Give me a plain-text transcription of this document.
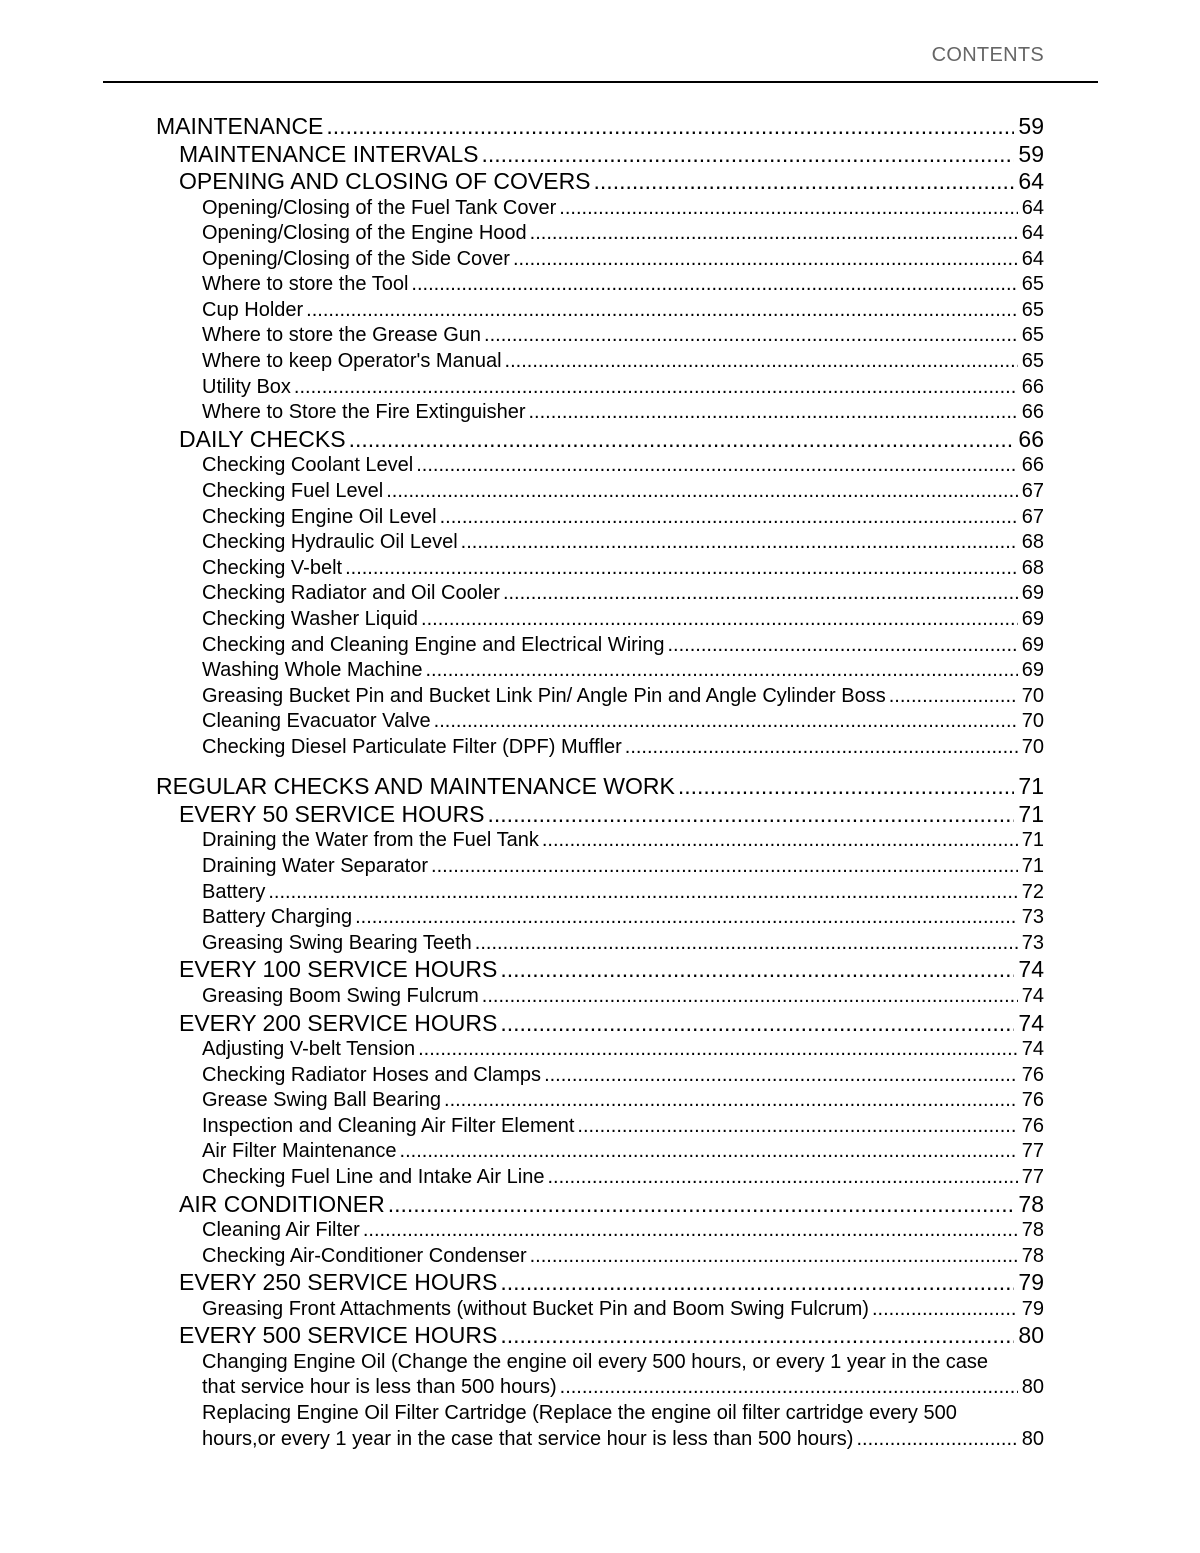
CONTENTS
MAINTENANCE .....	59
MAINTENANCE INTERVALS .....	59
OPENING AND CLOSING OF COVERS .....	64
Opening/Closing of the Fuel Tank Cover .....	64
Opening/Closing of the Engine Hood .....	64
Opening/Closing of the Side Cover .....	64
Where to store the Tool .....	65
Cup Holder .....	65
Where to store the Grease Gun .....	65
Where to keep Operator's Manual .....	65
Utility Box .....	66
Where to Store the Fire Extinguisher .....	66
DAILY CHECKS .....	66
Checking Coolant Level .....	66
Checking Fuel Level .....	67
Checking Engine Oil Level .....	67
Checking Hydraulic Oil Level .....	68
Checking V-belt .....	68
Checking Radiator and Oil Cooler .....	69
Checking Washer Liquid .....	69
Checking and Cleaning Engine and Electrical Wiring .....	69
Washing Whole Machine .....	69
Greasing Bucket Pin and Bucket Link Pin/ Angle Pin and Angle Cylinder Boss .....	70
Cleaning Evacuator Valve .....	70
Checking Diesel Particulate Filter (DPF) Muffler .....	70
REGULAR CHECKS AND MAINTENANCE WORK .....	71
EVERY 50 SERVICE HOURS .....	71
Draining the Water from the Fuel Tank .....	71
Draining Water Separator .....	71
Battery .....	72
Battery Charging .....	73
Greasing Swing Bearing Teeth .....	73
EVERY 100 SERVICE HOURS .....	74
Greasing Boom Swing Fulcrum .....	74
EVERY 200 SERVICE HOURS .....	74
Adjusting V-belt Tension .....	74
Checking Radiator Hoses and Clamps .....	76
Grease Swing Ball Bearing .....	76
Inspection and Cleaning Air Filter Element .....	76
Air Filter Maintenance .....	77
Checking Fuel Line and Intake Air Line .....	77
AIR CONDITIONER .....	78
Cleaning Air Filter .....	78
Checking Air-Conditioner Condenser .....	78
EVERY 250 SERVICE HOURS .....	79
Greasing Front Attachments (without Bucket Pin and Boom Swing Fulcrum) .....	79
EVERY 500 SERVICE HOURS .....	80
Changing Engine Oil (Change the engine oil every 500 hours, or every 1 year in the case
that service hour is less than 500 hours) .....	80
Replacing Engine Oil Filter Cartridge (Replace the engine oil filter cartridge every 500
hours,or every 1 year in the case that service hour is less than 500 hours) .....	80
